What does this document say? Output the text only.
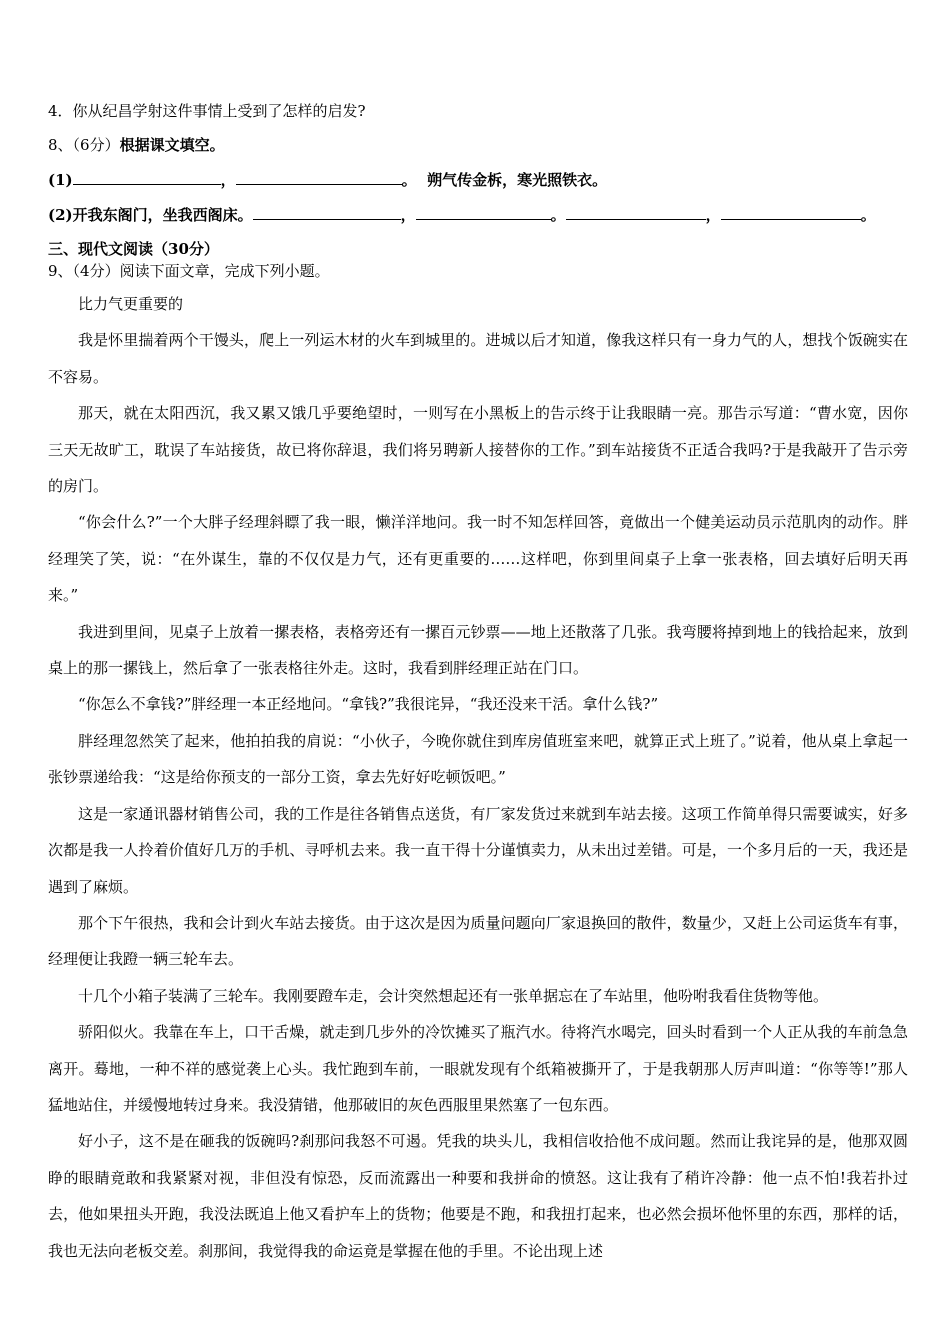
4．你从纪昌学射这件事情上受到了怎样的启发?
8、（6分）根据课文填空。
(1)	，	。 朔气传金柝，寒光照铁衣。
(2)开我东阁门，坐我西阁床。	，	。	，	。
三、现代文阅读（30分）
9、（4分）阅读下面文章，完成下列小题。

比力气更重要的

我是怀里揣着两个干馒头，爬上一列运木材的火车到城里的。进城以后才知道，像我这样只有一身力气的人，想找个饭碗实在不容易。

那天，就在太阳西沉，我又累又饿几乎要绝望时，一则写在小黑板上的告示终于让我眼睛一亮。那告示写道：“曹水宽，因你三天无故旷工，耽误了车站接货，故已将你辞退，我们将另聘新人接替你的工作。”到车站接货不正适合我吗?于是我敲开了告示旁的房门。

“你会什么?”一个大胖子经理斜瞟了我一眼，懒洋洋地问。我一时不知怎样回答，竟做出一个健美运动员示范肌肉的动作。胖经理笑了笑，说：“在外谋生，靠的不仅仅是力气，还有更重要的……这样吧，你到里间桌子上拿一张表格，回去填好后明天再来。”

我进到里间，见桌子上放着一摞表格，表格旁还有一摞百元钞票——地上还散落了几张。我弯腰将掉到地上的钱拾起来，放到桌上的那一摞钱上，然后拿了一张表格往外走。这时，我看到胖经理正站在门口。

“你怎么不拿钱?”胖经理一本正经地问。“拿钱?”我很诧异，“我还没来干活。拿什么钱?”

胖经理忽然笑了起来，他拍拍我的肩说：“小伙子，今晚你就住到库房值班室来吧，就算正式上班了。”说着，他从桌上拿起一张钞票递给我：“这是给你预支的一部分工资，拿去先好好吃顿饭吧。”

这是一家通讯器材销售公司，我的工作是往各销售点送货，有厂家发货过来就到车站去接。这项工作简单得只需要诚实，好多次都是我一人拎着价值好几万的手机、寻呼机去来。我一直干得十分谨慎卖力，从未出过差错。可是，一个多月后的一天，我还是遇到了麻烦。

那个下午很热，我和会计到火车站去接货。由于这次是因为质量问题向厂家退换回的散件，数量少，又赶上公司运货车有事，经理便让我蹬一辆三轮车去。

十几个小箱子装满了三轮车。我刚要蹬车走，会计突然想起还有一张单据忘在了车站里，他吩咐我看住货物等他。

骄阳似火。我靠在车上，口干舌燥，就走到几步外的冷饮摊买了瓶汽水。待将汽水喝完，回头时看到一个人正从我的车前急急离开。蓦地，一种不祥的感觉袭上心头。我忙跑到车前，一眼就发现有个纸箱被撕开了，于是我朝那人厉声叫道：“你等等!”那人猛地站住，并缓慢地转过身来。我没猜错，他那破旧的灰色西服里果然塞了一包东西。

好小子，这不是在砸我的饭碗吗?刹那问我怒不可遏。凭我的块头儿，我相信收拾他不成问题。然而让我诧异的是，他那双圆睁的眼睛竟敢和我紧紧对视，非但没有惊恐，反而流露出一种要和我拼命的愤怒。这让我有了稍许冷静：他一点不怕!我若扑过去，他如果扭头开跑，我没法既追上他又看护车上的货物；他要是不跑，和我扭打起来，也必然会损坏他怀里的东西，那样的话，我也无法向老板交差。刹那间，我觉得我的命运竟是掌握在他的手里。不论出现上述
